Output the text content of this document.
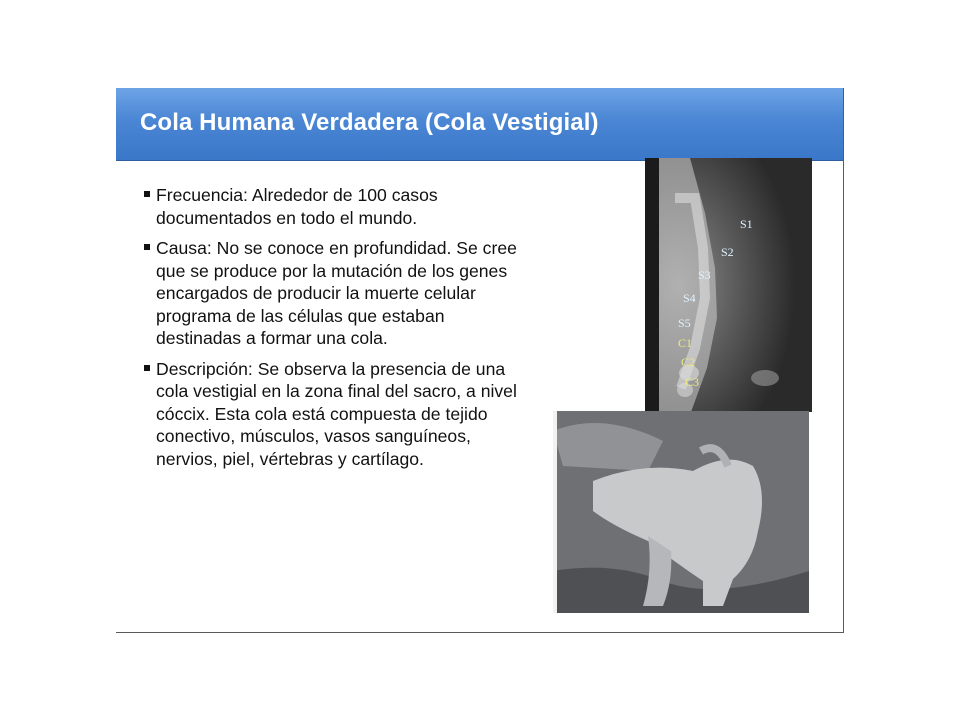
Cola Humana Verdadera (Cola Vestigial)
Frecuencia: Alrededor de 100 casos documentados en todo el mundo.
Causa: No se conoce en profundidad. Se cree que se produce por la mutación de los genes encargados de producir la muerte celular programa de las células que estaban destinadas a formar una cola.
Descripción: Se observa la presencia de una cola vestigial en la zona final del sacro, a nivel cóccix. Esta cola está compuesta de tejido conectivo, músculos, vasos sanguíneos, nervios, piel, vértebras y cartílago.
S1
S2
S3
S4
S5
C1
C2
C3
